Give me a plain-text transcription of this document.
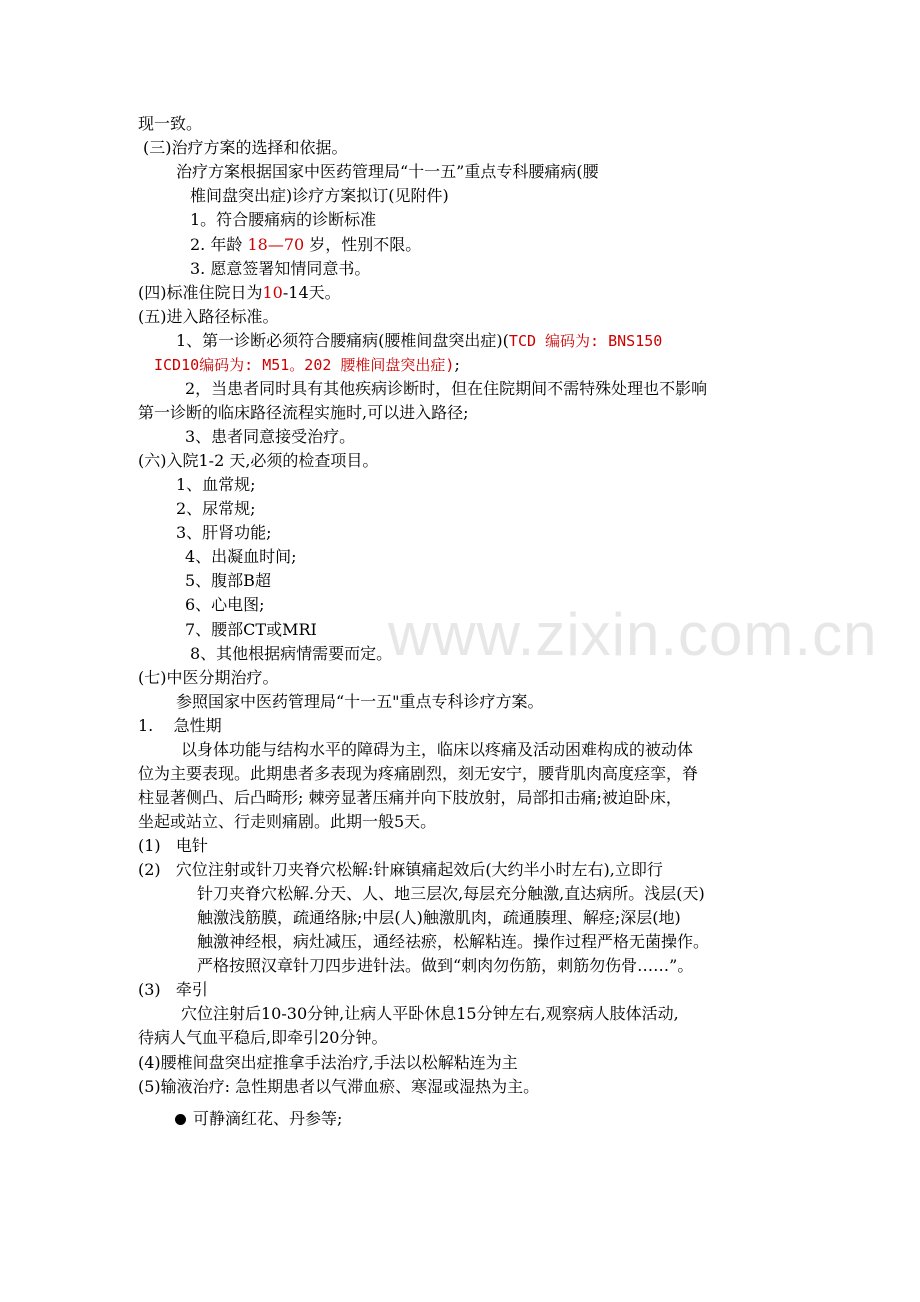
www.zixin.com.cn
现一致。
(三)治疗方案的选择和依据。
治疗方案根据国家中医药管理局“十一五”重点专科腰痛病(腰
椎间盘突出症)诊疗方案拟订(见附件)
1。符合腰痛病的诊断标准
2. 年龄 18—70 岁，性别不限。
3. 愿意签署知情同意书。
(四)标准住院日为10-14天。
(五)进入路径标准。
1、第一诊断必须符合腰痛病(腰椎间盘突出症)(TCD 编码为: BNS150
ICD10编码为: M51。202 腰椎间盘突出症);
2，当患者同时具有其他疾病诊断时，但在住院期间不需特殊处理也不影响
第一诊断的临床路径流程实施时,可以进入路径;
3、患者同意接受治疗。
(六)入院1-2 天,必须的检查项目。
1、血常规;
2、尿常规;
3、肝肾功能;
4、出凝血时间;
5、腹部B超
6、心电图;
7、腰部CT或MRI
8、其他根据病情需要而定。
(七)中医分期治疗。
参照国家中医药管理局“十一五"重点专科诊疗方案。
1.    急性期
以身体功能与结构水平的障碍为主，临床以疼痛及活动困难构成的被动体
位为主要表现。此期患者多表现为疼痛剧烈，刻无安宁，腰背肌肉高度痉挛，脊
柱显著侧凸、后凸畸形; 棘旁显著压痛并向下肢放射，局部扣击痛;被迫卧床，
坐起或站立、行走则痛剧。此期一般5天。
(1)   电针
(2)   穴位注射或针刀夹脊穴松解:针麻镇痛起效后(大约半小时左右),立即行
针刀夹脊穴松解.分天、人、地三层次,每层充分触激,直达病所。浅层(天)
触激浅筋膜，疏通络脉;中层(人)触激肌肉，疏通腠理、解痉;深层(地)
触激神经根，病灶减压，通经祛瘀，松解粘连。操作过程严格无菌操作。
严格按照汉章针刀四步进针法。做到“刺肉勿伤筋，刺筋勿伤骨……”。
(3)   牵引
穴位注射后10-30分钟,让病人平卧休息15分钟左右,观察病人肢体活动,
待病人气血平稳后,即牵引20分钟。
(4)腰椎间盘突出症推拿手法治疗,手法以松解粘连为主
(5)输液治疗: 急性期患者以气滞血瘀、寒湿或湿热为主。
可静滴红花、丹参等;
